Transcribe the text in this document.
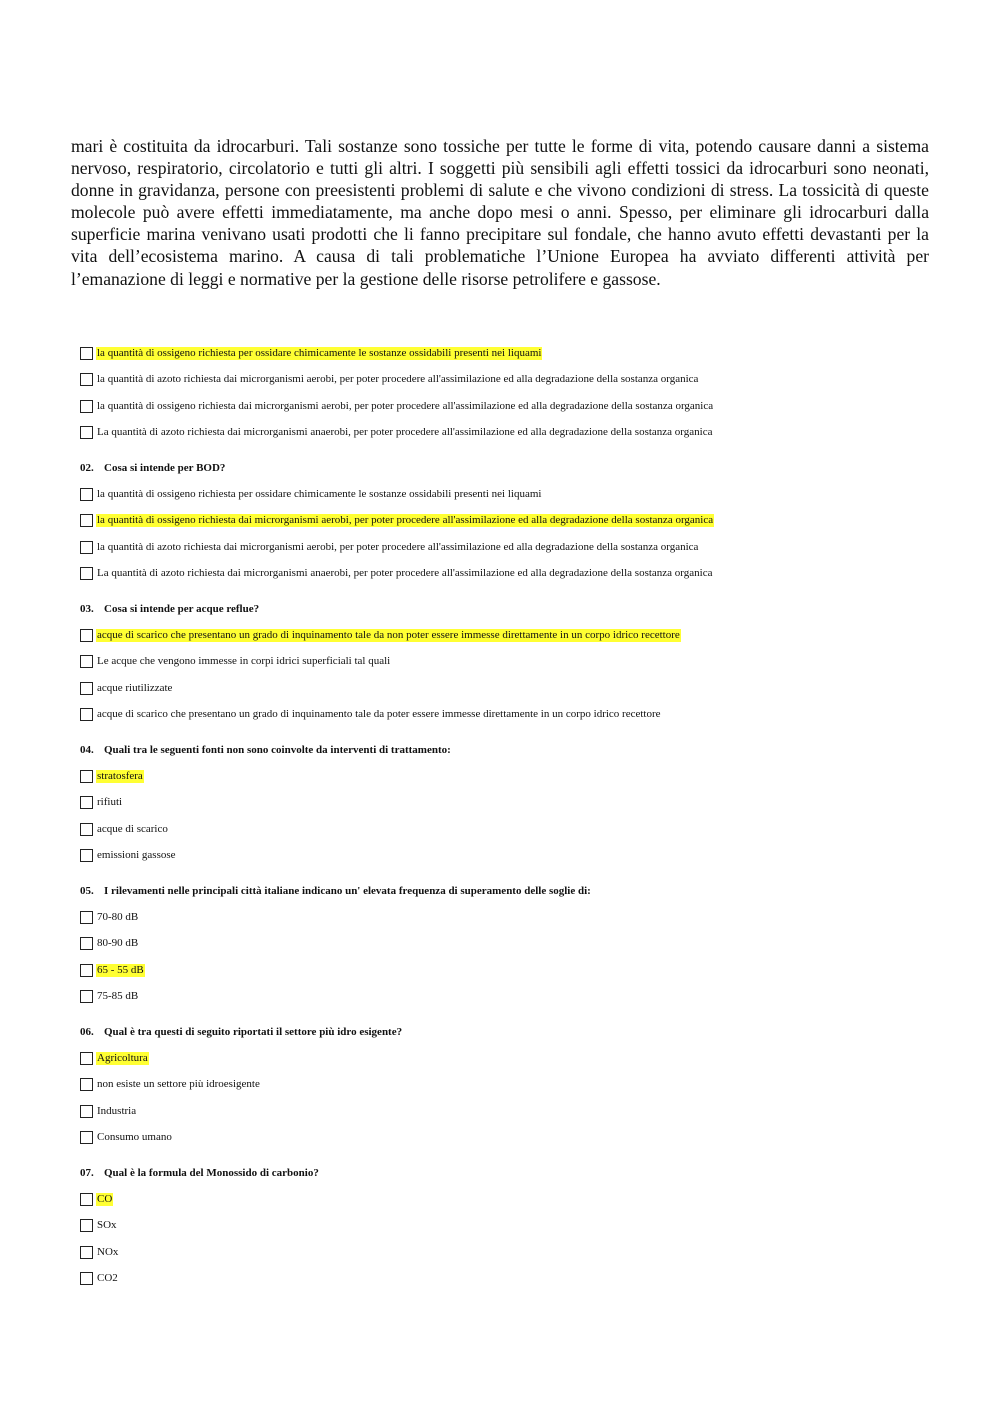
mari è costituita da idrocarburi. Tali sostanze sono tossiche per tutte le forme di vita, potendo causare danni a sistema nervoso, respiratorio, circolatorio e tutti gli altri. I soggetti più sensibili agli effetti tossici da idrocarburi sono neonati, donne in gravidanza, persone con preesistenti problemi di salute e che vivono condizioni di stress. La tossicità di queste molecole può avere effetti immediatamente, ma anche dopo mesi o anni. Spesso, per eliminare gli idrocarburi dalla superficie marina venivano usati prodotti che li fanno precipitare sul fondale, che hanno avuto effetti devastanti per la vita dell’ecosistema marino. A causa di tali problematiche l’Unione Europea ha avviato differenti attività per l’emanazione di leggi e normative per la gestione delle risorse petrolifere e gassose.

la quantità di ossigeno richiesta per ossidare chimicamente le sostanze ossidabili presenti nei liquami
la quantità di azoto richiesta dai microrganismi aerobi, per poter procedere all'assimilazione ed alla degradazione della sostanza organica
la quantità di ossigeno richiesta dai microrganismi aerobi, per poter procedere all'assimilazione ed alla degradazione della sostanza organica
La quantità di azoto richiesta dai microrganismi anaerobi, per poter procedere all'assimilazione ed alla degradazione della sostanza organica
02. Cosa si intende per BOD?
la quantità di ossigeno richiesta per ossidare chimicamente le sostanze ossidabili presenti nei liquami
la quantità di ossigeno richiesta dai microrganismi aerobi, per poter procedere all'assimilazione ed alla degradazione della sostanza organica
la quantità di azoto richiesta dai microrganismi aerobi, per poter procedere all'assimilazione ed alla degradazione della sostanza organica
La quantità di azoto richiesta dai microrganismi anaerobi, per poter procedere all'assimilazione ed alla degradazione della sostanza organica
03. Cosa si intende per acque reflue?
acque di scarico che presentano un grado di inquinamento tale da non poter essere immesse direttamente in un corpo idrico recettore
Le acque che vengono immesse in corpi idrici superficiali tal quali
acque riutilizzate
acque di scarico che presentano un grado di inquinamento tale da poter essere immesse direttamente in un corpo idrico recettore
04. Quali tra le seguenti fonti non sono coinvolte da interventi di trattamento:
stratosfera
rifiuti
acque di scarico
emissioni gassose
05. I rilevamenti nelle principali città italiane indicano un' elevata frequenza di superamento delle soglie di:
70-80 dB
80-90 dB
65 - 55 dB
75-85 dB
06. Qual è tra questi di seguito riportati il settore più idro esigente?
Agricoltura
non esiste un settore più idroesigente
Industria
Consumo umano
07. Qual è la formula del Monossido di carbonio?
CO
SOx
NOx
CO2
